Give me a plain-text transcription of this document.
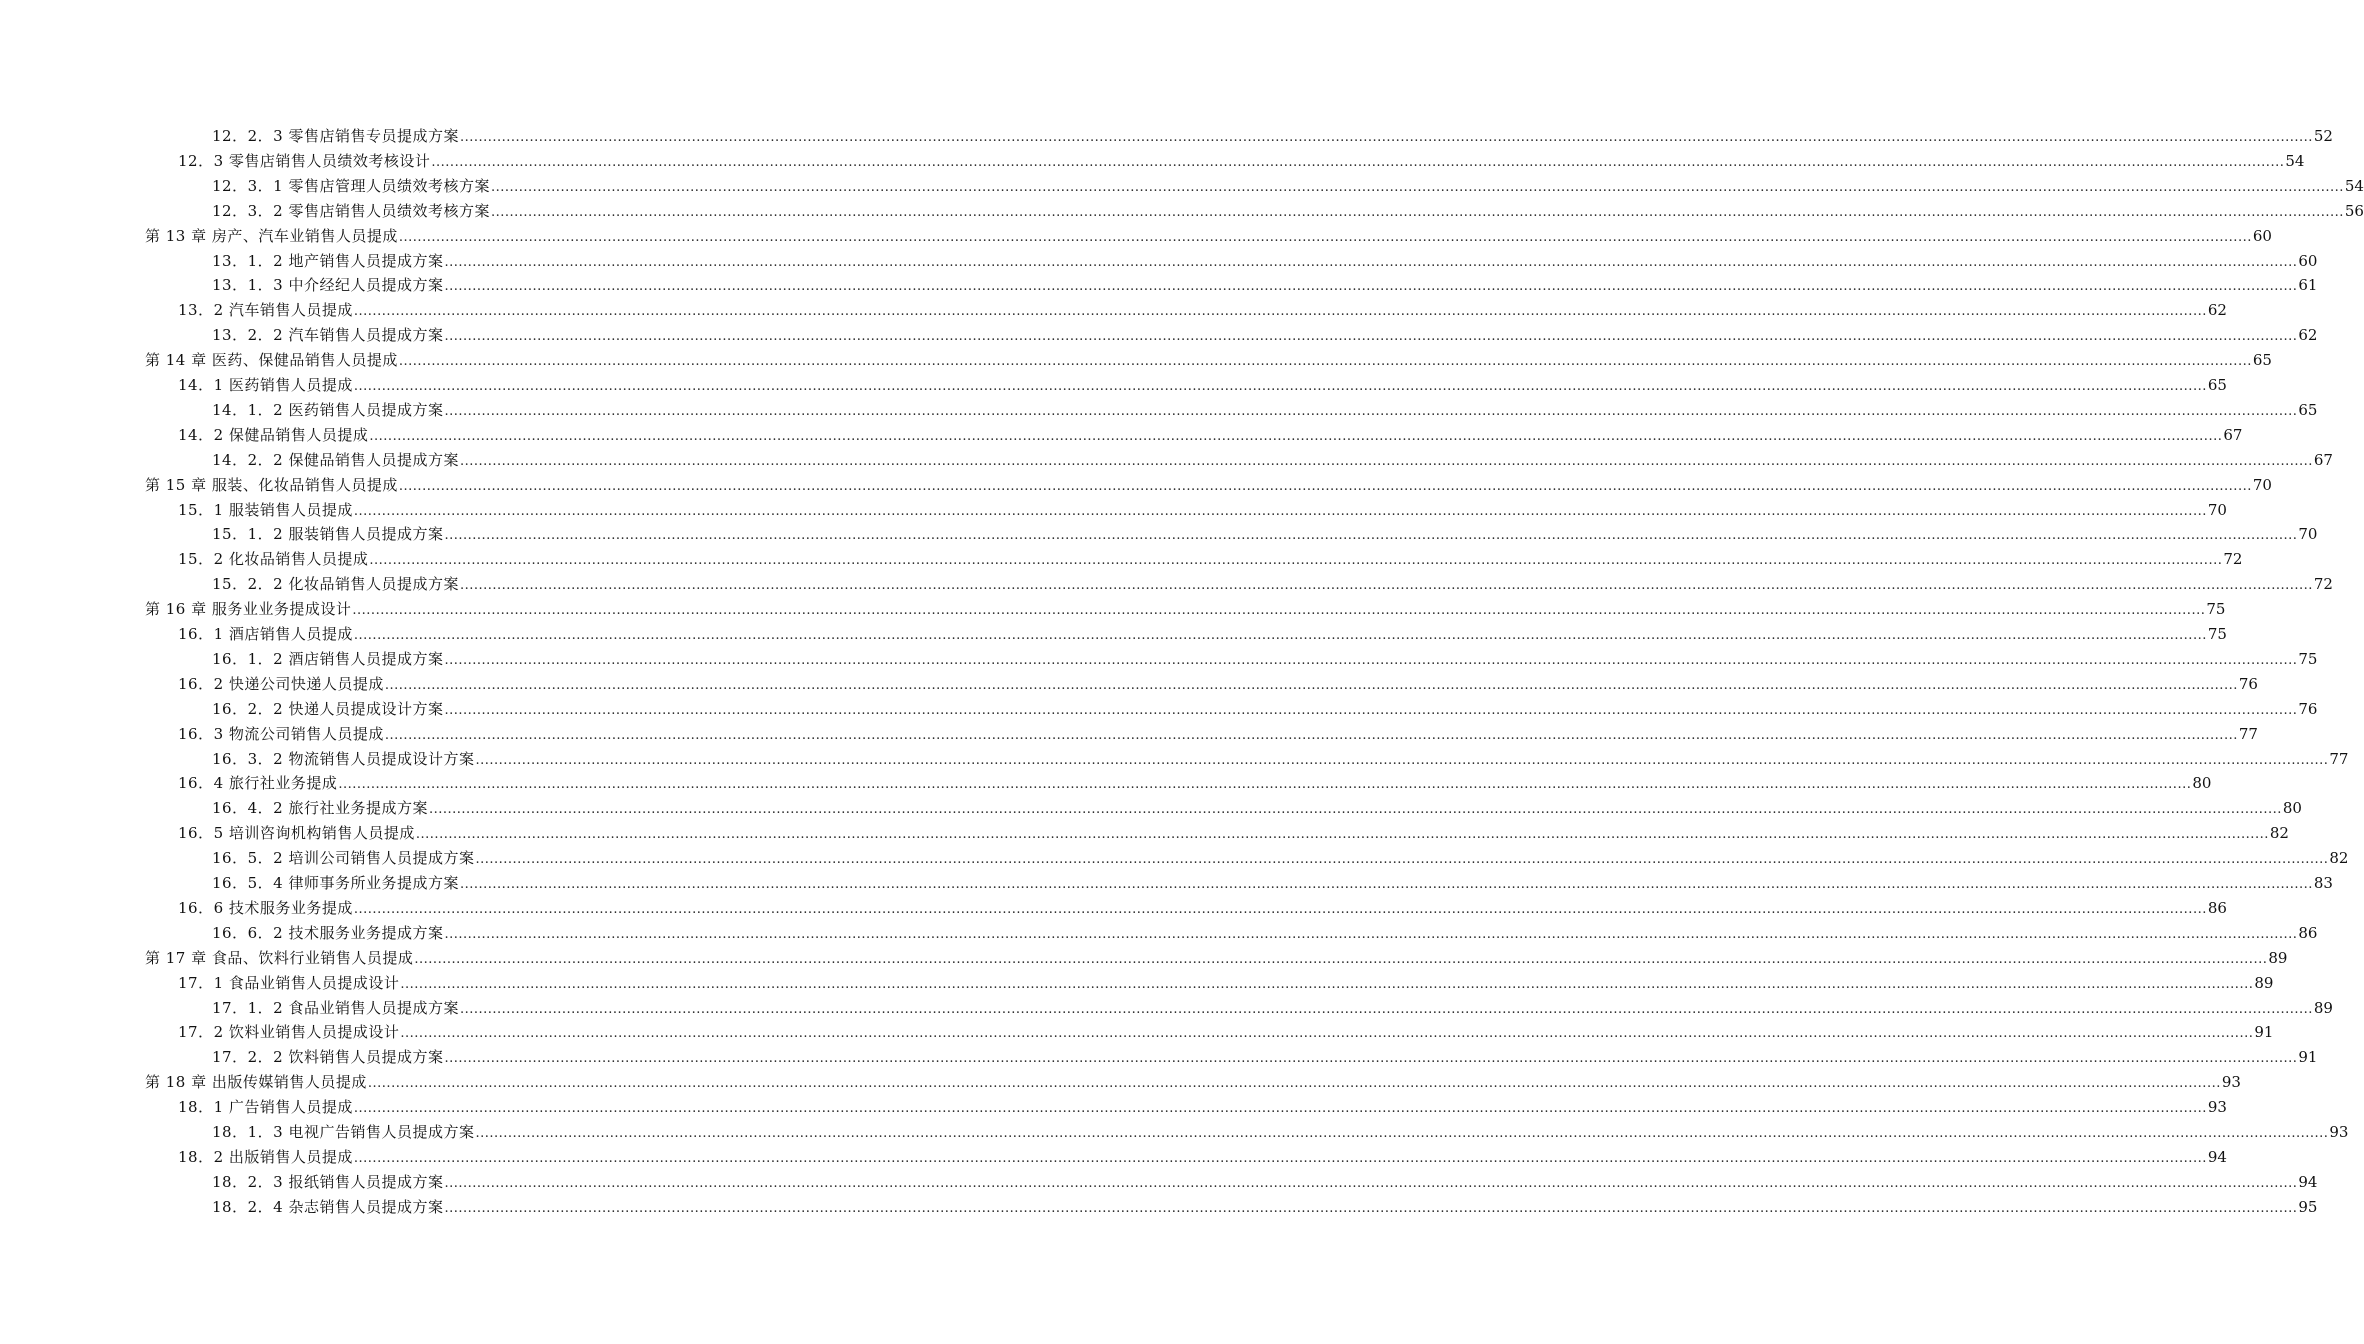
12．2．3 零售店销售专员提成方案 ................................................................................................................................................................................................................................................................................................................................................................................................................ 52
12．3 零售店销售人员绩效考核设计 ................................................................................................................................................................................................................................................................................................................................................................................................................ 54
12．3．1 零售店管理人员绩效考核方案 ................................................................................................................................................................................................................................................................................................................................................................................................................ 54
12．3．2 零售店销售人员绩效考核方案 ................................................................................................................................................................................................................................................................................................................................................................................................................ 56
第 13 章 房产、汽车业销售人员提成 ................................................................................................................................................................................................................................................................................................................................................................................................................ 60
13．1．2 地产销售人员提成方案 ................................................................................................................................................................................................................................................................................................................................................................................................................ 60
13．1．3 中介经纪人员提成方案 ................................................................................................................................................................................................................................................................................................................................................................................................................ 61
13．2 汽车销售人员提成 ................................................................................................................................................................................................................................................................................................................................................................................................................ 62
13．2．2 汽车销售人员提成方案 ................................................................................................................................................................................................................................................................................................................................................................................................................ 62
第 14 章 医药、保健品销售人员提成 ................................................................................................................................................................................................................................................................................................................................................................................................................ 65
14．1 医药销售人员提成 ................................................................................................................................................................................................................................................................................................................................................................................................................ 65
14．1．2 医药销售人员提成方案 ................................................................................................................................................................................................................................................................................................................................................................................................................ 65
14．2 保健品销售人员提成 ................................................................................................................................................................................................................................................................................................................................................................................................................ 67
14．2．2 保健品销售人员提成方案 ................................................................................................................................................................................................................................................................................................................................................................................................................ 67
第 15 章 服装、化妆品销售人员提成 ................................................................................................................................................................................................................................................................................................................................................................................................................ 70
15．1 服装销售人员提成 ................................................................................................................................................................................................................................................................................................................................................................................................................ 70
15．1．2 服装销售人员提成方案 ................................................................................................................................................................................................................................................................................................................................................................................................................ 70
15．2 化妆品销售人员提成 ................................................................................................................................................................................................................................................................................................................................................................................................................ 72
15．2．2 化妆品销售人员提成方案 ................................................................................................................................................................................................................................................................................................................................................................................................................ 72
第 16 章 服务业业务提成设计 ................................................................................................................................................................................................................................................................................................................................................................................................................ 75
16．1 酒店销售人员提成 ................................................................................................................................................................................................................................................................................................................................................................................................................ 75
16．1．2 酒店销售人员提成方案 ................................................................................................................................................................................................................................................................................................................................................................................................................ 75
16．2 快递公司快递人员提成 ................................................................................................................................................................................................................................................................................................................................................................................................................ 76
16．2．2 快递人员提成设计方案 ................................................................................................................................................................................................................................................................................................................................................................................................................ 76
16．3 物流公司销售人员提成 ................................................................................................................................................................................................................................................................................................................................................................................................................ 77
16．3．2 物流销售人员提成设计方案 ................................................................................................................................................................................................................................................................................................................................................................................................................ 77
16．4 旅行社业务提成 ................................................................................................................................................................................................................................................................................................................................................................................................................ 80
16．4．2 旅行社业务提成方案 ................................................................................................................................................................................................................................................................................................................................................................................................................ 80
16．5 培训咨询机构销售人员提成 ................................................................................................................................................................................................................................................................................................................................................................................................................ 82
16．5．2 培训公司销售人员提成方案 ................................................................................................................................................................................................................................................................................................................................................................................................................ 82
16．5．4 律师事务所业务提成方案 ................................................................................................................................................................................................................................................................................................................................................................................................................ 83
16．6 技术服务业务提成 ................................................................................................................................................................................................................................................................................................................................................................................................................ 86
16．6．2 技术服务业务提成方案 ................................................................................................................................................................................................................................................................................................................................................................................................................ 86
第 17 章 食品、饮料行业销售人员提成 ................................................................................................................................................................................................................................................................................................................................................................................................................ 89
17．1 食品业销售人员提成设计 ................................................................................................................................................................................................................................................................................................................................................................................................................ 89
17．1．2 食品业销售人员提成方案 ................................................................................................................................................................................................................................................................................................................................................................................................................ 89
17．2 饮料业销售人员提成设计 ................................................................................................................................................................................................................................................................................................................................................................................................................ 91
17．2．2 饮料销售人员提成方案 ................................................................................................................................................................................................................................................................................................................................................................................................................ 91
第 18 章 出版传媒销售人员提成 ................................................................................................................................................................................................................................................................................................................................................................................................................ 93
18．1 广告销售人员提成 ................................................................................................................................................................................................................................................................................................................................................................................................................ 93
18．1．3 电视广告销售人员提成方案 ................................................................................................................................................................................................................................................................................................................................................................................................................ 93
18．2 出版销售人员提成 ................................................................................................................................................................................................................................................................................................................................................................................................................ 94
18．2．3 报纸销售人员提成方案 ................................................................................................................................................................................................................................................................................................................................................................................................................ 94
18．2．4 杂志销售人员提成方案 ................................................................................................................................................................................................................................................................................................................................................................................................................ 95
